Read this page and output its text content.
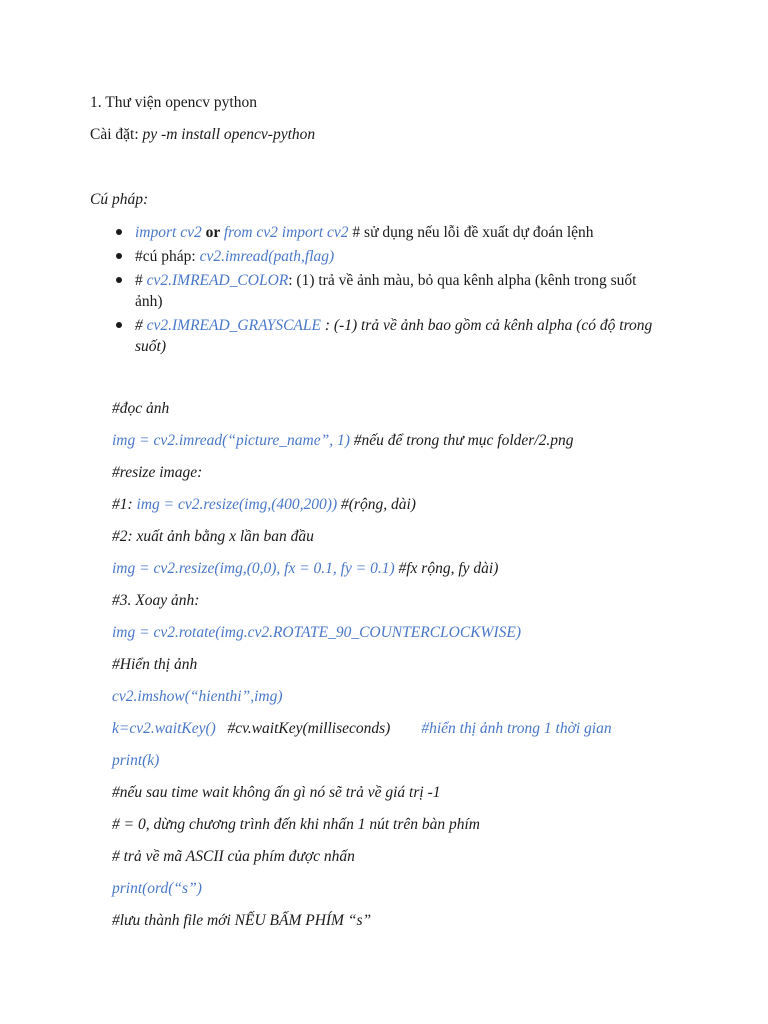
1. Thư viện opencv python
Cài đặt: py -m install opencv-python
Cú pháp:
import cv2 or from cv2 import cv2 # sử dụng nếu lỗi đề xuất dự đoán lệnh
#cú pháp: cv2.imread(path,flag)
# cv2.IMREAD_COLOR: (1) trả về ảnh màu, bỏ qua kênh alpha (kênh trong suốt ảnh)
# cv2.IMREAD_GRAYSCALE : (-1) trả về ảnh bao gồm cả kênh alpha (có độ trong suốt)
#đọc ảnh
img = cv2.imread(“picture_name”, 1) #nếu để trong thư mục folder/2.png
#resize image:
#1: img = cv2.resize(img,(400,200)) #(rộng, dài)
#2: xuất ảnh bằng x lần ban đầu
img = cv2.resize(img,(0,0), fx = 0.1, fy = 0.1) #fx rộng, fy dài)
#3. Xoay ảnh:
img = cv2.rotate(img.cv2.ROTATE_90_COUNTERCLOCKWISE)
#Hiển thị ảnh
cv2.imshow(“hienthi”,img)
k=cv2.waitKey()   #cv.waitKey(milliseconds)        #hiển thị ảnh trong 1 thời gian
print(k)
#nếu sau time wait không ấn gì nó sẽ trả về giá trị -1
# = 0, dừng chương trình đến khi nhấn 1 nút trên bàn phím
# trả về mã ASCII của phím được nhấn
print(ord(“s”)
#lưu thành file mới NẾU BẤM PHÍM “s”
